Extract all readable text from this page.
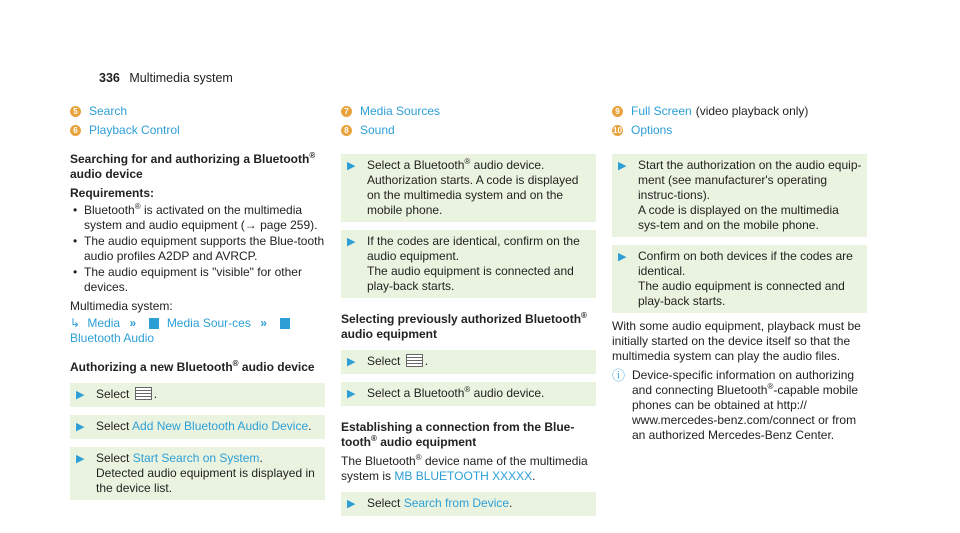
336 Multimedia system
5 Search
6 Playback Control
Searching for and authorizing a Bluetooth®
audio device

Requirements:

• Bluetooth® is activated on the multimedia system and audio equipment (→ page 259).
• The audio equipment supports the Blue-tooth audio profiles A2DP and AVRCP.
• The audio equipment is "visible" for other devices.

Multimedia system:

↳ Media »	Media Sour-ces »  Bluetooth Audio
Authorizing a new Bluetooth® audio device
▶ Select .
▶ Select Add New Bluetooth Audio Device.
▶ Select Start Search on System.
Detected audio equipment is displayed in the device list.
7 Media Sources
8 Sound
▶ Select a Bluetooth® audio device.
Authorization starts. A code is displayed on the multimedia system and on the mobile phone.
▶ If the codes are identical, confirm on the audio equipment.
The audio equipment is connected and play-back starts.
Selecting previously authorized Bluetooth®
audio equipment
▶ Select .
▶ Select a Bluetooth® audio device.
Establishing a connection from the Blue-tooth® audio equipment

The Bluetooth® device name of the multimedia system is MB BLUETOOTH XXXXX.

▶ Select Search from Device.
9 Full Screen (video playback only)
10 Options
▶ Start the authorization on the audio equip-ment (see manufacturer's operating instruc-tions).
A code is displayed on the multimedia sys-tem and on the mobile phone.
▶ Confirm on both devices if the codes are identical.
The audio equipment is connected and play-back starts.

With some audio equipment, playback must be initially started on the device itself so that the multimedia system can play the audio files.

ⓘ Device-specific information on authorizing and connecting Bluetooth®-capable mobile phones can be obtained at http:// www.mercedes-benz.com/connect or from an authorized Mercedes-Benz Center.
